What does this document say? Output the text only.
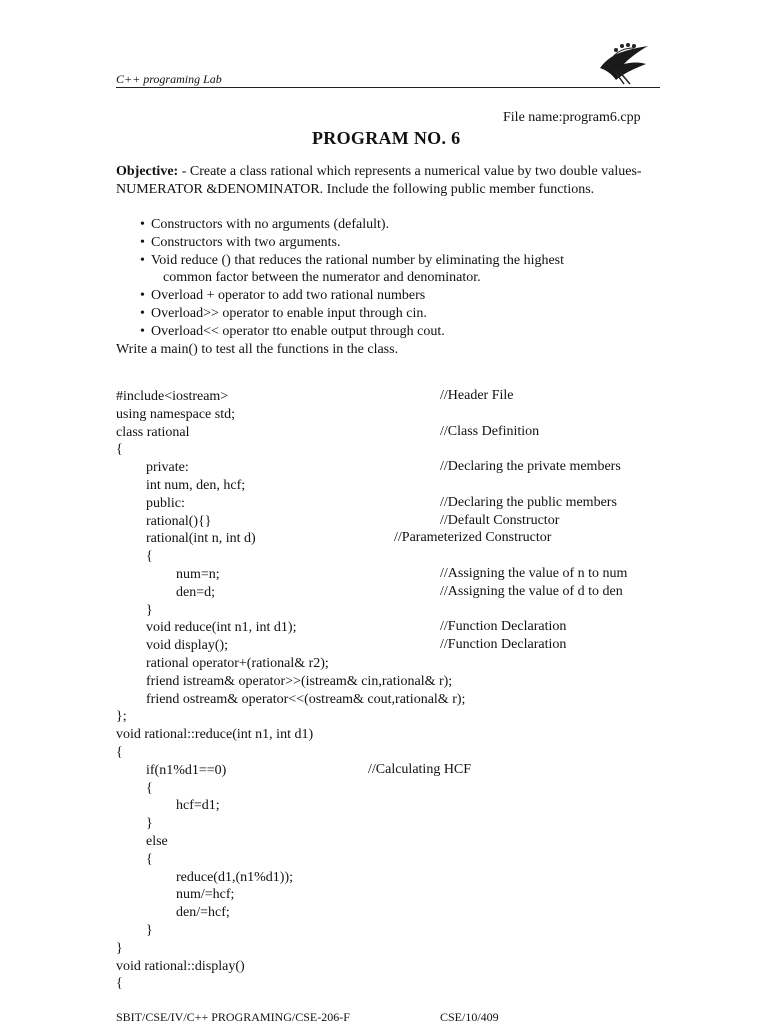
C++ programing Lab
File name:program6.cpp
PROGRAM NO. 6
Objective: - Create a class rational which represents a numerical value by two double values- NUMERATOR &DENOMINATOR. Include the following public member functions.
• Constructors with no arguments (defalult).
• Constructors with two arguments.
• Void reduce () that reduces the rational number by eliminating the highest
common factor between the numerator and denominator.
• Overload + operator to add two rational numbers
• Overload>> operator to enable input through cin.
• Overload<< operator tto enable output through cout.
Write a main() to test all the functions in the class.
#include<iostream>	//Header File
using namespace std;
class rational	//Class Definition
{
private:	//Declaring the private members
int num, den, hcf;
public:	//Declaring the public members
rational(){}	//Default Constructor
rational(int n, int d)	//Parameterized Constructor
{
num=n;	//Assigning the value of n to num
den=d;	//Assigning the value of d to den
}
void reduce(int n1, int d1);	//Function Declaration
void display();	//Function Declaration
rational operator+(rational& r2);
friend istream& operator>>(istream& cin,rational& r);
friend ostream& operator<<(ostream& cout,rational& r);
};
void rational::reduce(int n1, int d1)
{
if(n1%d1==0)	//Calculating HCF
{
hcf=d1;
}
else
{
reduce(d1,(n1%d1));
num/=hcf;
den/=hcf;
}
}
void rational::display()
{
SBIT/CSE/IV/C++ PROGRAMING/CSE-206-F	CSE/10/409
